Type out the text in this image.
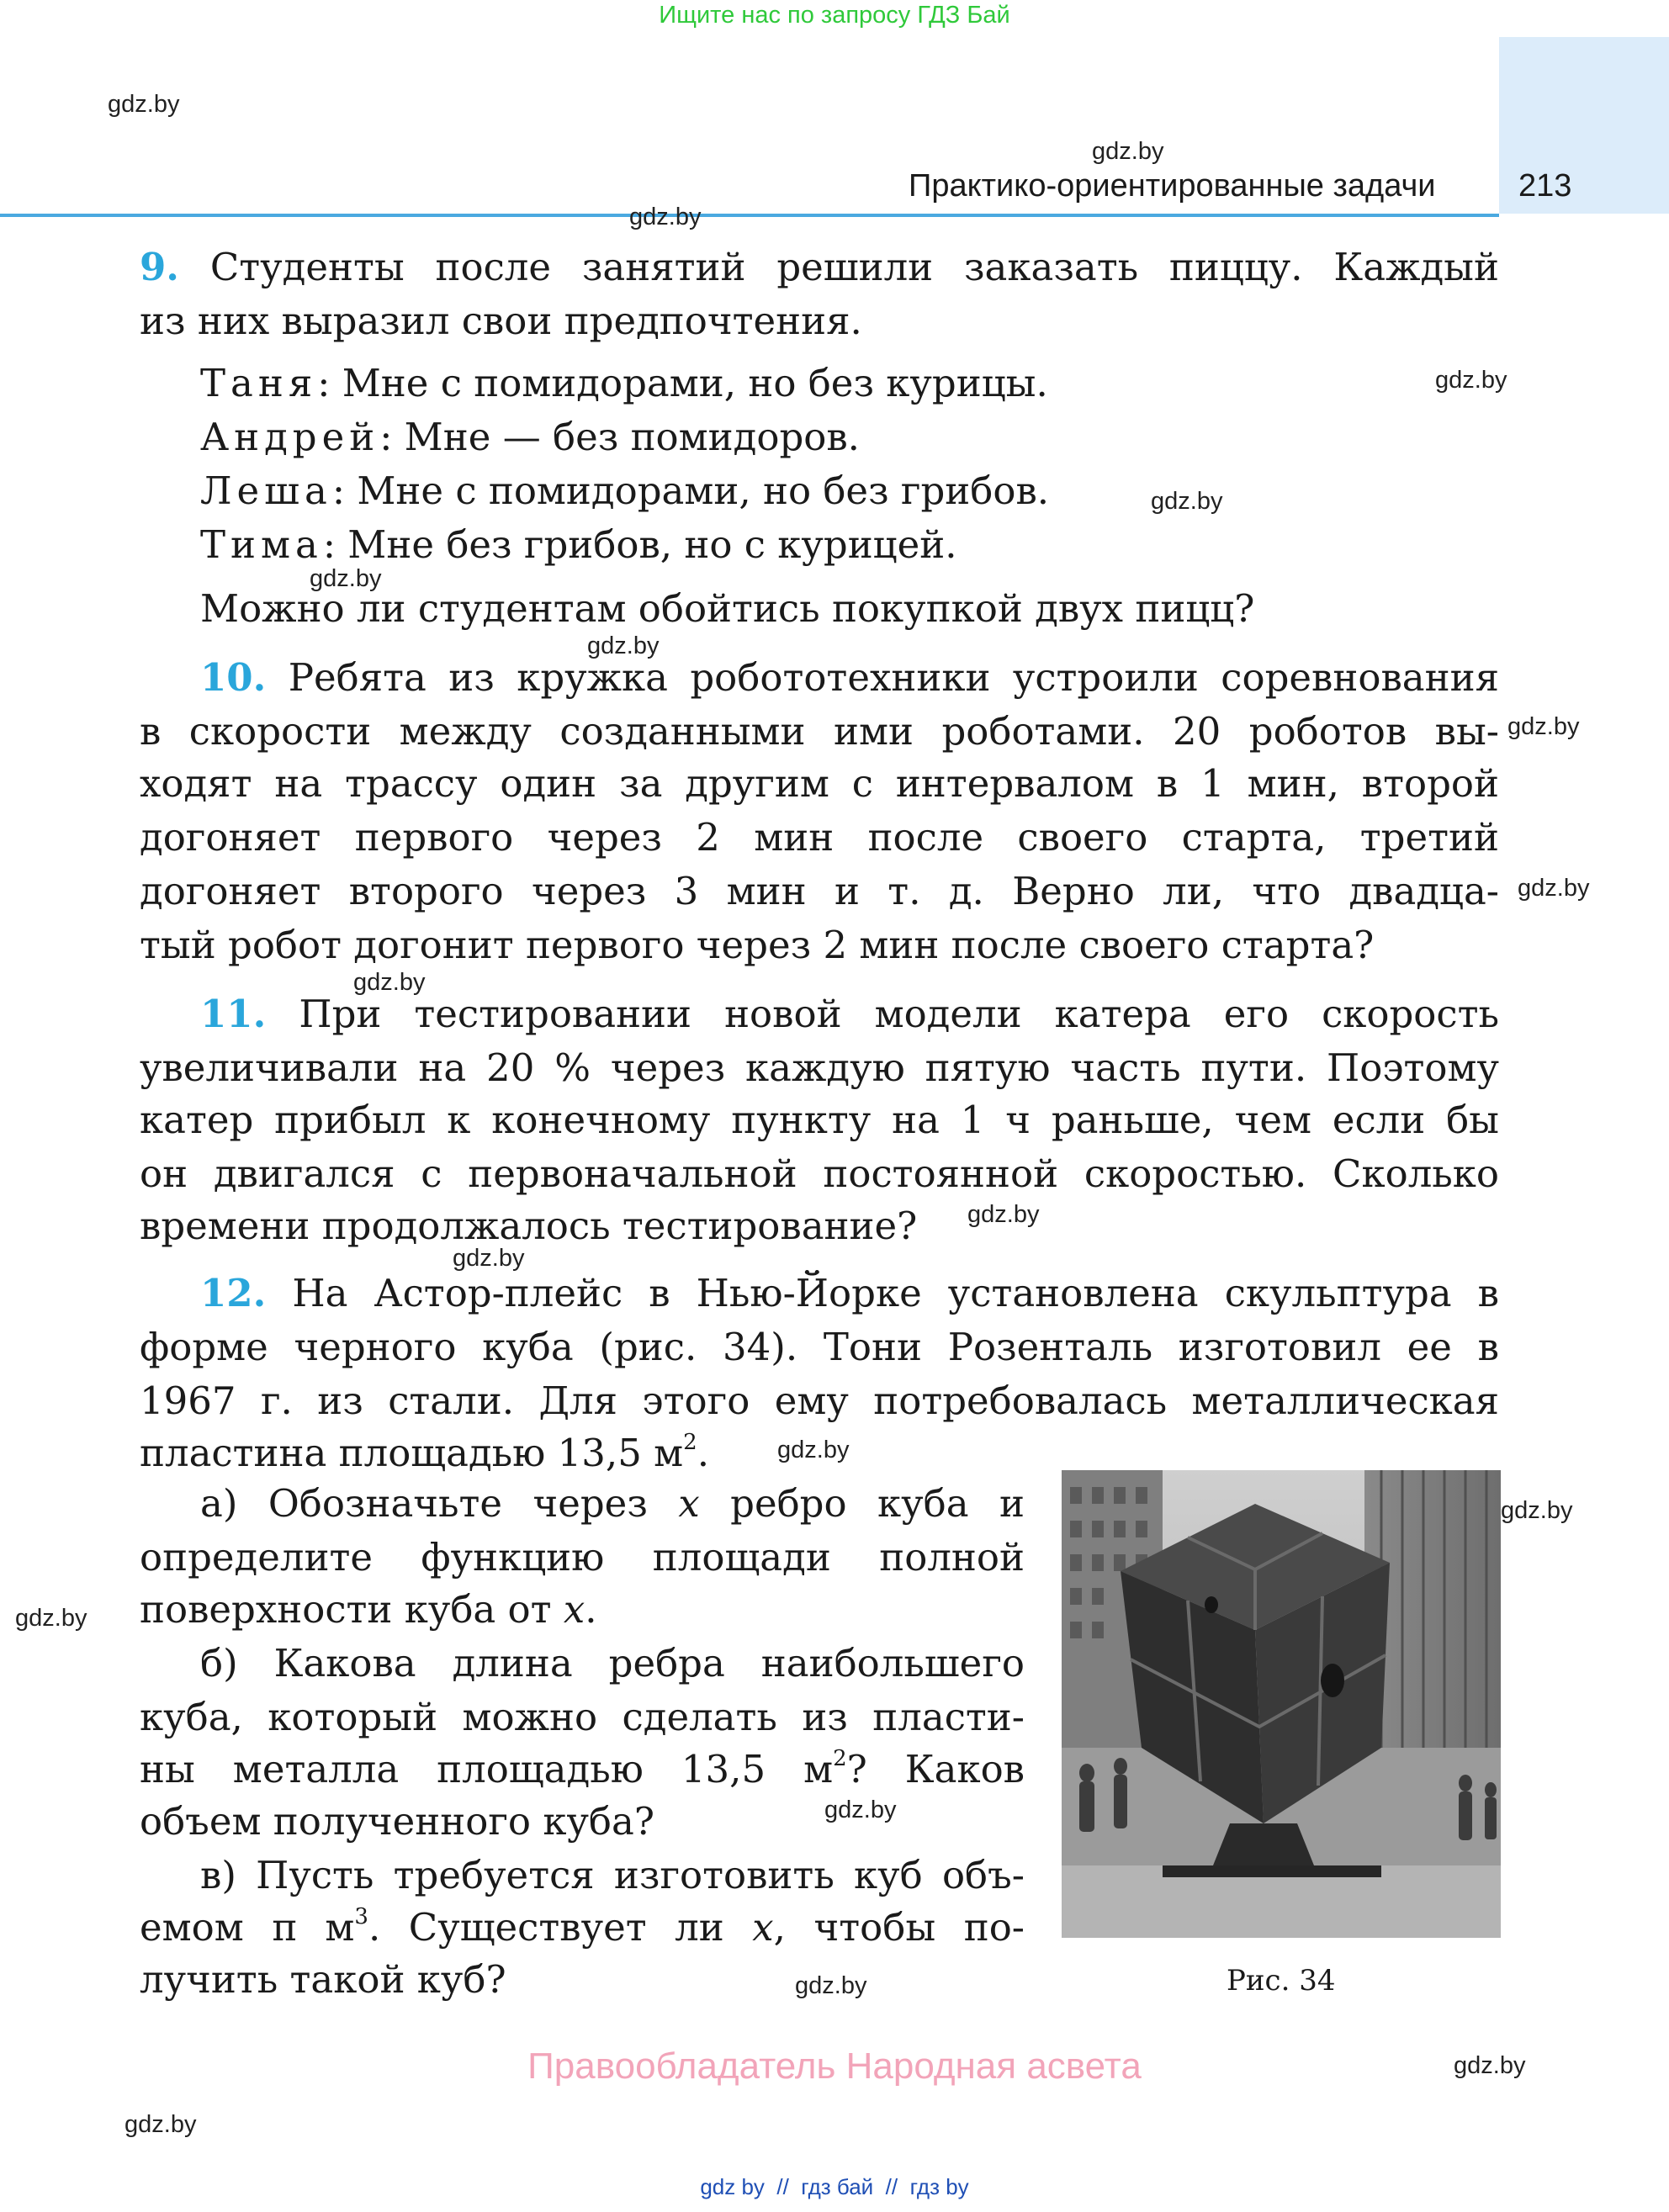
Ищите нас по запросу ГДЗ Бай
Практико-ориентированные задачи	213
gdz.by
gdz.by
gdz.by
gdz.by
gdz.by
gdz.by
gdz.by
gdz.by
gdz.by
gdz.by
gdz.by
gdz.by
gdz.by
gdz.by
gdz.by
gdz.by
gdz.by
gdz.by
gdz.by
9. Студенты после занятий решили заказать пиццу. Каждый
из них выразил свои предпочтения.
Таня: Мне с помидорами, но без курицы.
Андрей: Мне — без помидоров.
Леша: Мне с помидорами, но без грибов.
Тима: Мне без грибов, но с курицей.
Можно ли студентам обойтись покупкой двух пицц?
10. Ребята из кружка робототехники устроили соревнования
в скорости между созданными ими роботами. 20 роботов вы-
ходят на трассу один за другим с интервалом в 1 мин, второй
догоняет первого через 2 мин после своего старта, третий
догоняет второго через 3 мин и т. д. Верно ли, что двадца-
тый робот догонит первого через 2 мин после своего старта?
11. При тестировании новой модели катера его скорость
увеличивали на 20 % через каждую пятую часть пути. Поэтому
катер прибыл к конечному пункту на 1 ч раньше, чем если бы
он двигался с первоначальной постоянной скоростью. Сколько
времени продолжалось тестирование?
12. На Астор-плейс в Нью-Йорке установлена скульптура в
форме черного куба (рис. 34). Тони Розенталь изготовил ее в
1967 г. из стали. Для этого ему потребовалась металлическая
пластина площадью 13,5 $м^2$.
а) Обозначьте через x ребро куба и
определите функцию площади полной
поверхности куба от x.
б) Какова длина ребра наибольшего
куба, который можно сделать из пласти-
ны металла площадью 13,5 $м^2$? Каков
объем полученного куба?
в) Пусть требуется изготовить куб объ-
емом π $м^3$. Существует ли x, чтобы по-
лучить такой куб?	Рис. 34
Правообладатель Народная асвета
gdz by // гдз бай // гдз by
